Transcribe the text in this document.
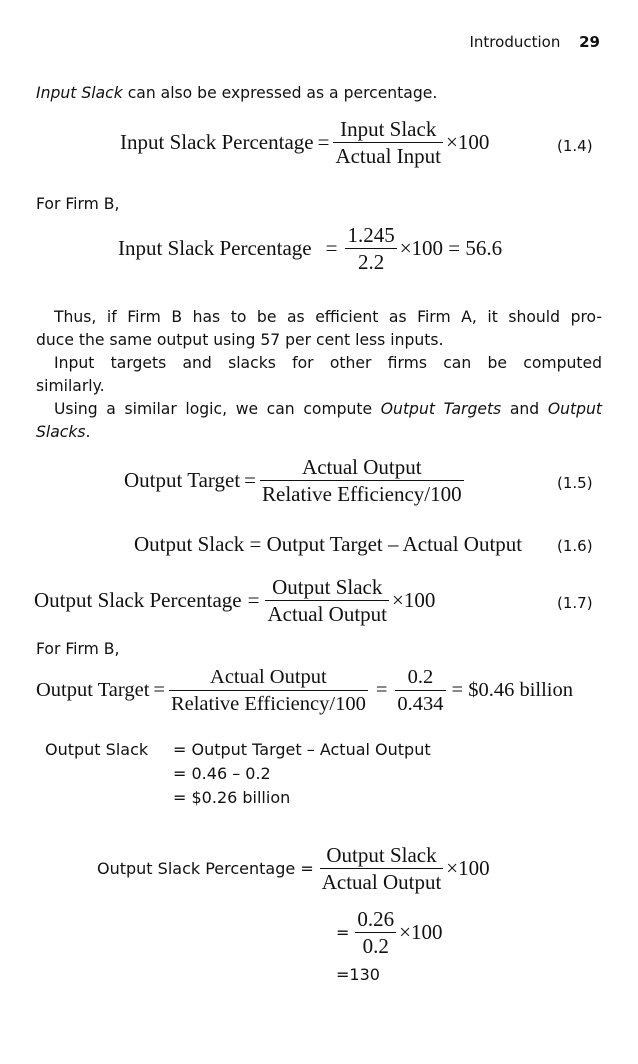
Introduction 29
Input Slack can also be expressed as a percentage.
Input Slack Percentage = $\frac{\text{Input Slack}}{\text{Actual Input}} \times 100$	(1.4)
For Firm B,
Input Slack Percentage = $\frac{1.245}{2.2} \times 100 = 56.6$
Thus, if Firm B has to be as efficient as Firm A, it should pro-
duce the same output using 57 per cent less inputs.
Input targets and slacks for other firms can be computed
similarly.
Using a similar logic, we can compute Output Targets and Output
Slacks.
Output Target = $\frac{\text{Actual Output}}{\text{Relative Efficiency/100}}$	(1.5)
Output Slack = Output Target – Actual Output (1.6)
Output Slack Percentage = $\frac{\text{Output Slack}}{\text{Actual Output}} \times 100$	(1.7)
For Firm B,
Output Target = $\frac{\text{Actual Output}}{\text{Relative Efficiency/100}} = \frac{0.2}{0.434}$ = $0.46 billion
Output Slack = Output Target – Actual Output
= 0.46 – 0.2
= $0.26 billion
Output Slack Percentage = $\frac{\text{Output Slack}}{\text{Actual Output}} \times 100$
= $\frac{0.26}{0.2} \times 100$
=130
